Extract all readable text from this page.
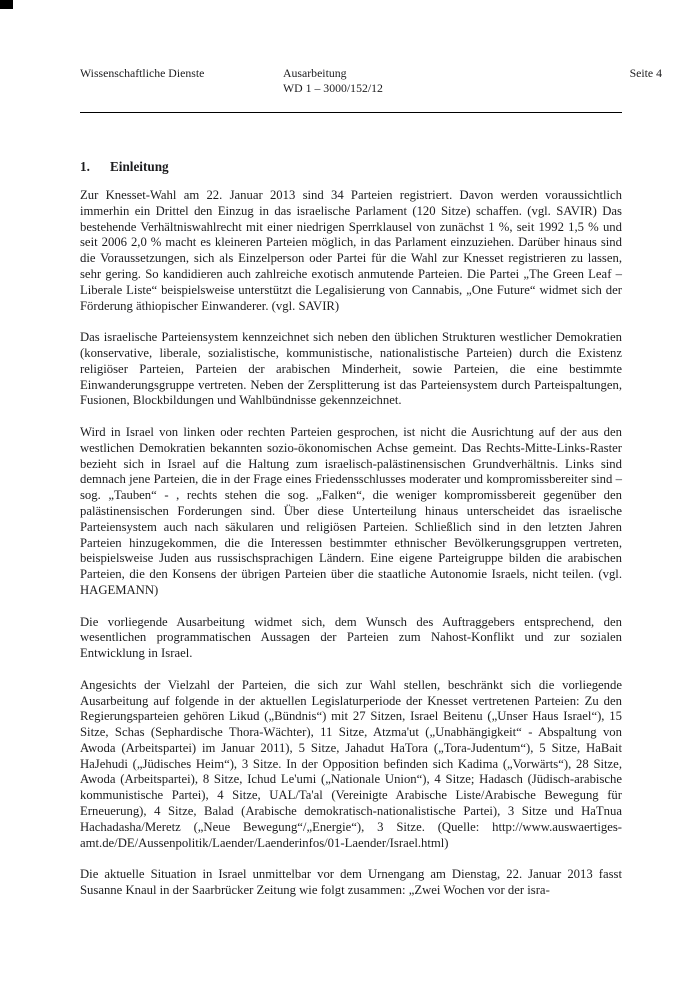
Wissenschaftliche Dienste	Ausarbeitung
WD 1 – 3000/152/12
Seite 4
1. Einleitung

Zur Knesset-Wahl am 22. Januar 2013 sind 34 Parteien registriert. Davon werden voraussichtlich immerhin ein Drittel den Einzug in das israelische Parlament (120 Sitze) schaffen. (vgl. SAVIR) Das bestehende Verhältniswahlrecht mit einer niedrigen Sperrklausel von zunächst 1 %, seit 1992 1,5 % und seit 2006 2,0 % macht es kleineren Parteien möglich, in das Parlament einzuziehen. Darüber hinaus sind die Voraussetzungen, sich als Einzelperson oder Partei für die Wahl zur Knesset registrieren zu lassen, sehr gering. So kandidieren auch zahlreiche exotisch anmutende Parteien. Die Partei „The Green Leaf – Liberale Liste“ beispielsweise unterstützt die Legalisierung von Cannabis, „One Future“ widmet sich der Förderung äthiopischer Einwanderer. (vgl. SAVIR)

Das israelische Parteiensystem kennzeichnet sich neben den üblichen Strukturen westlicher Demokratien (konservative, liberale, sozialistische, kommunistische, nationalistische Parteien) durch die Existenz religiöser Parteien, Parteien der arabischen Minderheit, sowie Parteien, die eine bestimmte Einwanderungsgruppe vertreten. Neben der Zersplitterung ist das Parteiensystem durch Parteispaltungen, Fusionen, Blockbildungen und Wahlbündnisse gekennzeichnet.

Wird in Israel von linken oder rechten Parteien gesprochen, ist nicht die Ausrichtung auf der aus den westlichen Demokratien bekannten sozio-ökonomischen Achse gemeint. Das Rechts-Mitte-Links-Raster bezieht sich in Israel auf die Haltung zum israelisch-palästinensischen Grundverhältnis. Links sind demnach jene Parteien, die in der Frage eines Friedensschlusses moderater und kompromissbereiter sind – sog. „Tauben“ - , rechts stehen die sog. „Falken“, die weniger kompromissbereit gegenüber den palästinensischen Forderungen sind. Über diese Unterteilung hinaus unterscheidet das israelische Parteiensystem auch nach säkularen und religiösen Parteien. Schließlich sind in den letzten Jahren Parteien hinzugekommen, die die Interessen bestimmter ethnischer Bevölkerungsgruppen vertreten, beispielsweise Juden aus russischsprachigen Ländern. Eine eigene Parteigruppe bilden die arabischen Parteien, die den Konsens der übrigen Parteien über die staatliche Autonomie Israels, nicht teilen. (vgl. HAGEMANN)

Die vorliegende Ausarbeitung widmet sich, dem Wunsch des Auftraggebers entsprechend, den wesentlichen programmatischen Aussagen der Parteien zum Nahost-Konflikt und zur sozialen Entwicklung in Israel.

Angesichts der Vielzahl der Parteien, die sich zur Wahl stellen, beschränkt sich die vorliegende Ausarbeitung auf folgende in der aktuellen Legislaturperiode der Knesset vertretenen Parteien: Zu den Regierungsparteien gehören Likud („Bündnis“) mit 27 Sitzen, Israel Beitenu („Unser Haus Israel“), 15 Sitze, Schas (Sephardische Thora-Wächter), 11 Sitze, Atzma'ut („Unabhängigkeit“ - Abspaltung von Awoda (Arbeitspartei) im Januar 2011), 5 Sitze, Jahadut HaTora („Tora-Judentum“), 5 Sitze, HaBait HaJehudi („Jüdisches Heim“), 3 Sitze. In der Opposition befinden sich Kadima („Vorwärts“), 28 Sitze, Awoda (Arbeitspartei), 8 Sitze, Ichud Le'umi („Nationale Union“), 4 Sitze; Hadasch (Jüdisch-arabische kommunistische Partei), 4 Sitze, UAL/Ta'al (Vereinigte Arabische Liste/Arabische Bewegung für Erneuerung), 4 Sitze, Balad (Arabische demokratisch-nationalistische Partei), 3 Sitze und HaTnua Hachadasha/Meretz („Neue Bewegung“/„Energie“), 3 Sitze. (Quelle: http://www.auswaertiges-amt.de/DE/Aussenpolitik/Laender/Laenderinfos/01-Laender/Israel.html)

Die aktuelle Situation in Israel unmittelbar vor dem Urnengang am Dienstag, 22. Januar 2013 fasst Susanne Knaul in der Saarbrücker Zeitung wie folgt zusammen: „Zwei Wochen vor der isra-
